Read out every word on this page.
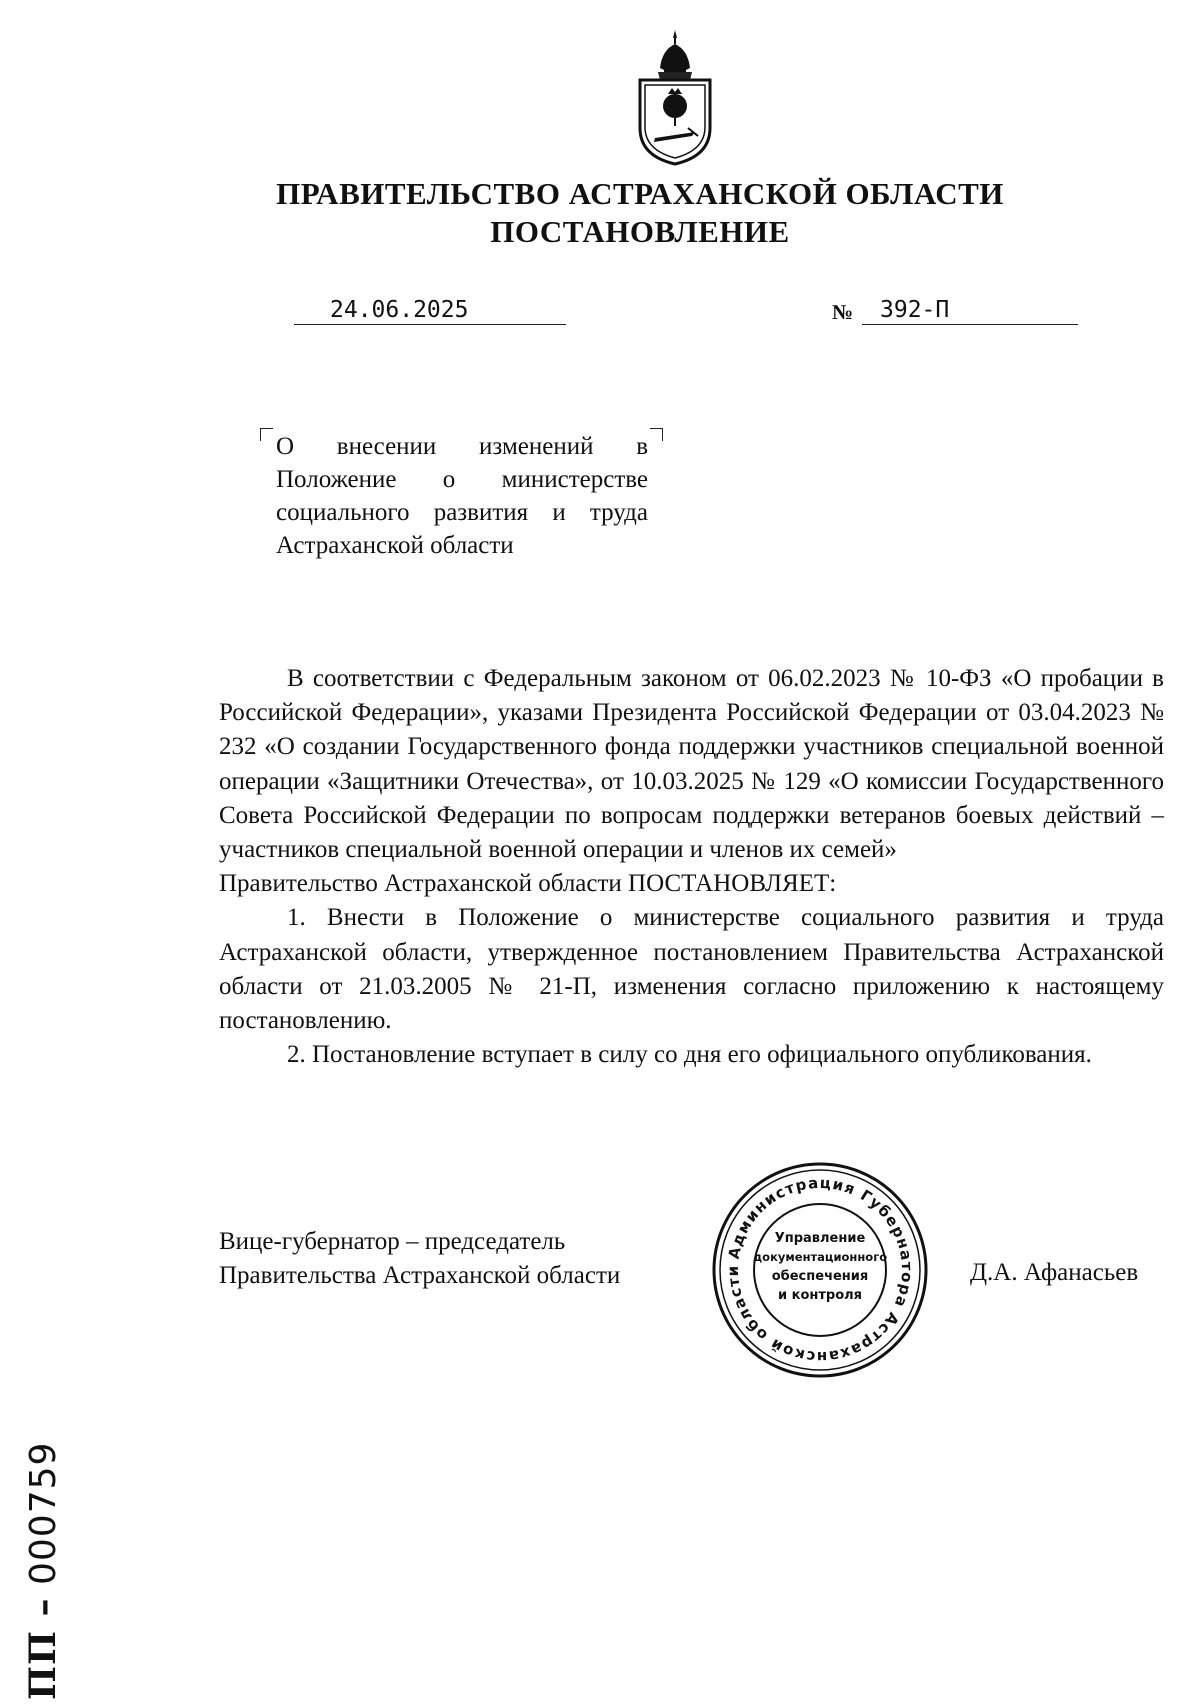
ПРАВИТЕЛЬСТВО АСТРАХАНСКОЙ ОБЛАСТИ
ПОСТАНОВЛЕНИЕ
24.06.2025	№	392-П
О внесении изменений в Положение о министерстве социального развития и труда Астраханской области

В соответствии с Федеральным законом от 06.02.2023 № 10-ФЗ «О пробации в Российской Федерации», указами Президента Российской Федерации от 03.04.2023 № 232 «О создании Государственного фонда поддержки участников специальной военной операции «Защитники Отечества», от 10.03.2025 № 129 «О комиссии Государственного Совета Российской Федерации по вопросам поддержки ветеранов боевых действий – участников специальной военной операции и членов их семей»

Правительство Астраханской области ПОСТАНОВЛЯЕТ:

1. Внести в Положение о министерстве социального развития и труда Астраханской области, утвержденное постановлением Правительства Астраханской области от 21.03.2005 № 21-П, изменения согласно приложению к настоящему постановлению.

2. Постановление вступает в силу со дня его официального опубликования.

Вице-губернатор – председатель
Правительства Астраханской области	Д.А. Афанасьев
Администрация Губернатора Астраханской области
Управление
документационного
обеспечения
и контроля
ПП – 000759
